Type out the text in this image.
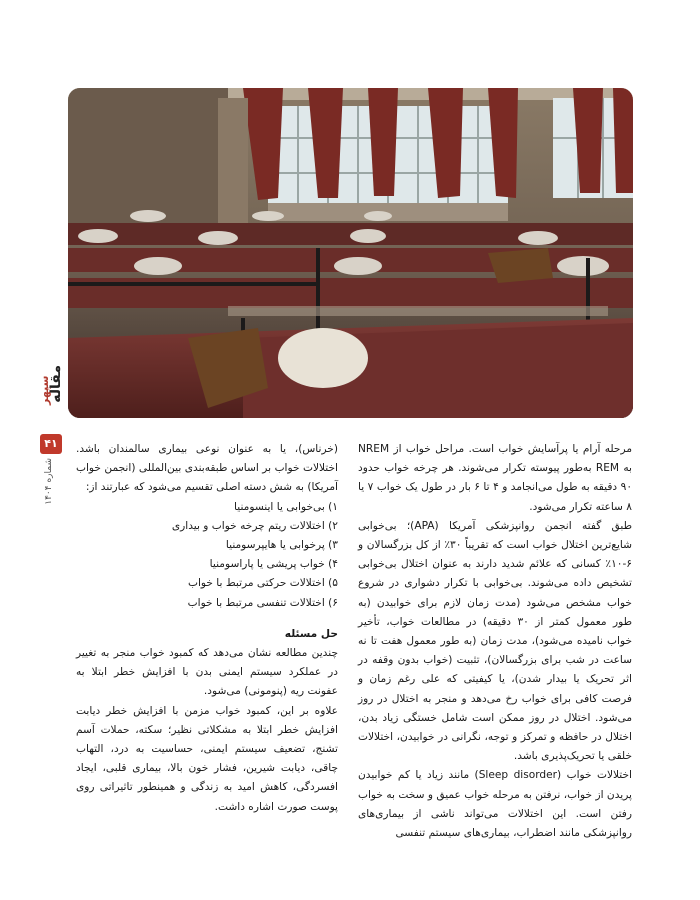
مقاله
سپهر
۴۱
شماره ۱۴۰۴

مرحله آرام یا پرآسایش خواب است. مراحل خواب از NREM به REM به‌طور پیوسته تکرار می‌شوند. هر چرخه خواب حدود ۹۰ دقیقه به طول می‌انجامد و ۴ تا ۶ بار در طول یک خواب ۷ یا ۸ ساعته تکرار می‌شود.

طبق گفته انجمن روانپزشکی آمریکا (APA)؛ بی‌خوابی شایع‌ترین اختلال خواب است که تقریباً ۳۰٪ از کل بزرگسالان و ۶-۱۰٪ کسانی که علائم شدید دارند به عنوان اختلال بی‌خوابی تشخیص داده می‌شوند. بی‌خوابی با تکرار دشواری در شروع خواب مشخص می‌شود (مدت زمان لازم برای خوابیدن (به طور معمول کمتر از ۳۰ دقیقه) در مطالعات خواب، تأخیر خواب نامیده می‌شود)، مدت زمان (به طور معمول هفت تا نه ساعت در شب برای بزرگسالان)، تثبیت (خواب بدون وقفه در اثر تحریک یا بیدار شدن)، یا کیفیتی که علی رغم زمان و فرصت کافی برای خواب رخ می‌دهد و منجر به اختلال در روز می‌شود. اختلال در روز ممکن است شامل خستگی زیاد بدن، اختلال در حافظه و تمرکز و توجه، نگرانی در خوابیدن، اختلالات خلقی یا تحریک‌پذیری باشد.

اختلالات خواب (Sleep disorder) مانند زیاد یا کم خوابیدن پریدن از خواب، نرفتن به مرحله خواب عمیق و سخت به خواب رفتن است. این اختلالات می‌تواند ناشی از بیماری‌های روانپزشکی مانند اضطراب، بیماری‌های سیستم تنفسی

(خرناس)، یا به عنوان نوعی بیماری سالمندان باشد. اختلالات خواب بر اساس طبقه‌بندی بین‌المللی (انجمن خواب آمریکا) به شش دسته اصلی تقسیم می‌شود که عبارتند از:

۱) بی‌خوابی یا اینسومنیا

۲) اختلالات ریتم چرخه خواب و بیداری

۳) پرخوابی یا هایپرسومنیا

۴) خواب پریشی یا پاراسومنیا

۵) اختلالات حرکتی مرتبط با خواب

۶) اختلالات تنفسی مرتبط با خواب

حل مسئله

چندین مطالعه نشان می‌دهد که کمبود خواب منجر به تغییر در عملکرد سیستم ایمنی بدن با افزایش خطر ابتلا به عفونت ریه (پنومونی) می‌شود.

علاوه بر این، کمبود خواب مزمن با افزایش خطر دیابت افزایش خطر ابتلا به مشکلاتی نظیر؛ سکته، حملات آسم تشنج، تضعیف سیستم ایمنی، حساسیت به درد، التهاب چاقی، دیابت شیرین، فشار خون بالا، بیماری قلبی، ایجاد افسردگی، کاهش امید به زندگی و همینطور تاثیراتی روی پوست صورت اشاره داشت.
